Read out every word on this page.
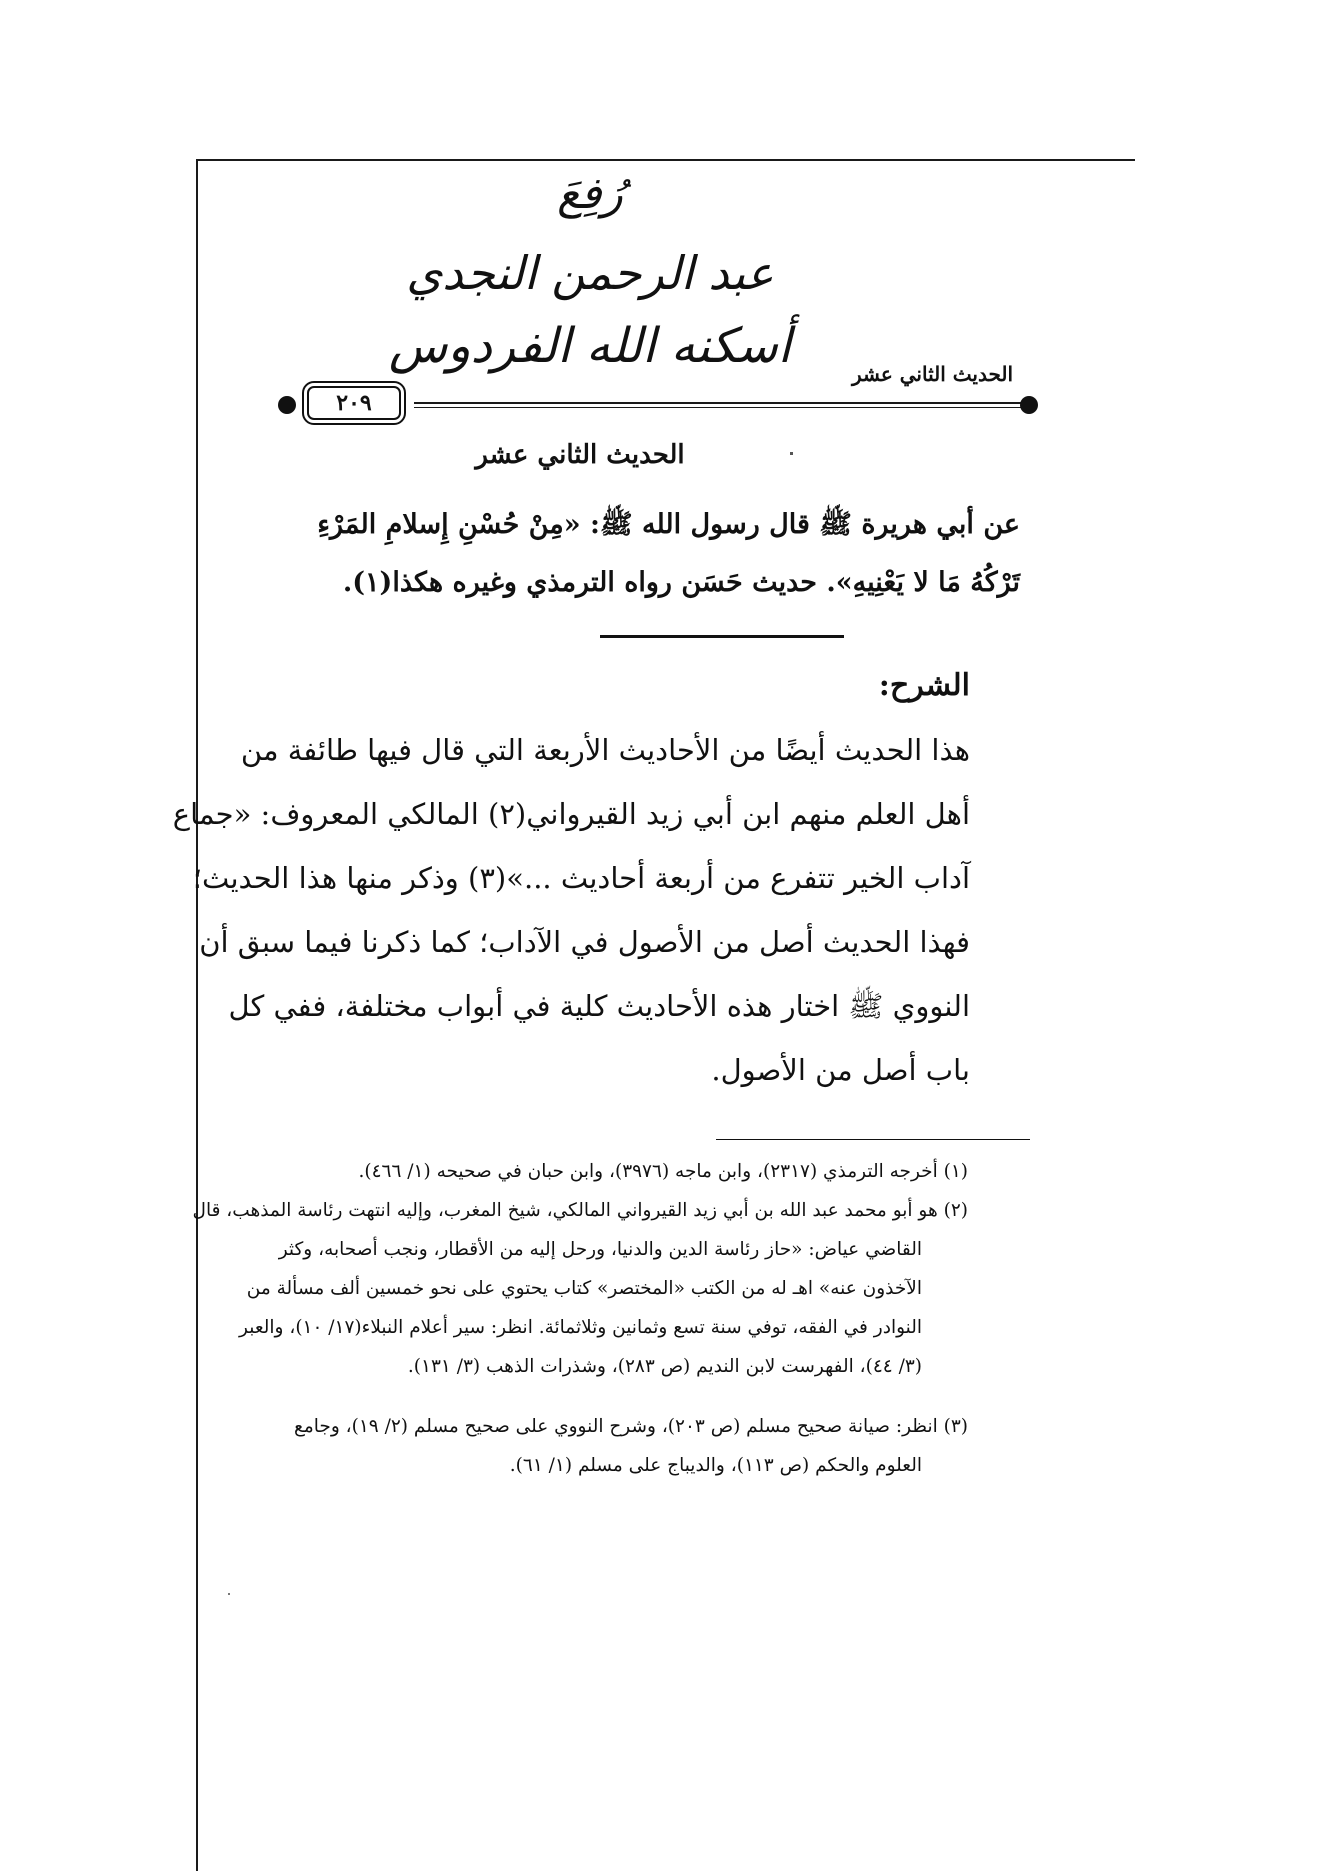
رُفِعَ
عبد الرحمن النجدي
أسكنه الله الفردوس	الحديث الثاني عشر
٢٠٩
الحديث الثاني عشر
عن أبي هريرة ﷺ قال رسول الله ﷺ: «مِنْ حُسْنِ إِسلامِ المَرْءِ
تَرْكُهُ مَا لا يَعْنِيهِ». حديث حَسَن رواه الترمذي وغيره هكذا(١).
الشرح:
هذا الحديث أيضًا من الأحاديث الأربعة التي قال فيها طائفة من
أهل العلم منهم ابن أبي زيد القيرواني(٢) المالكي المعروف: «جماع
آداب الخير تتفرع من أربعة أحاديث ...»(٣) وذكر منها هذا الحديث؛
فهذا الحديث أصل من الأصول في الآداب؛ كما ذكرنا فيما سبق أن
النووي ﷺ اختار هذه الأحاديث كلية في أبواب مختلفة، ففي كل
باب أصل من الأصول.
(١) أخرجه الترمذي (٢٣١٧)، وابن ماجه (٣٩٧٦)، وابن حبان في صحيحه (١/ ٤٦٦).
(٢) هو أبو محمد عبد الله بن أبي زيد القيرواني المالكي، شيخ المغرب، وإليه انتهت رئاسة المذهب، قال
القاضي عياض: «حاز رئاسة الدين والدنيا، ورحل إليه من الأقطار، ونجب أصحابه، وكثر
الآخذون عنه» اهـ له من الكتب «المختصر» كتاب يحتوي على نحو خمسين ألف مسألة من
النوادر في الفقه، توفي سنة تسع وثمانين وثلاثمائة. انظر: سير أعلام النبلاء(١٧/ ١٠)، والعبر
(٣/ ٤٤)، الفهرست لابن النديم (ص ٢٨٣)، وشذرات الذهب (٣/ ١٣١).
(٣) انظر: صيانة صحيح مسلم (ص ٢٠٣)، وشرح النووي على صحيح مسلم (٢/ ١٩)، وجامع
العلوم والحكم (ص ١١٣)، والديباج على مسلم (١/ ٦١).
